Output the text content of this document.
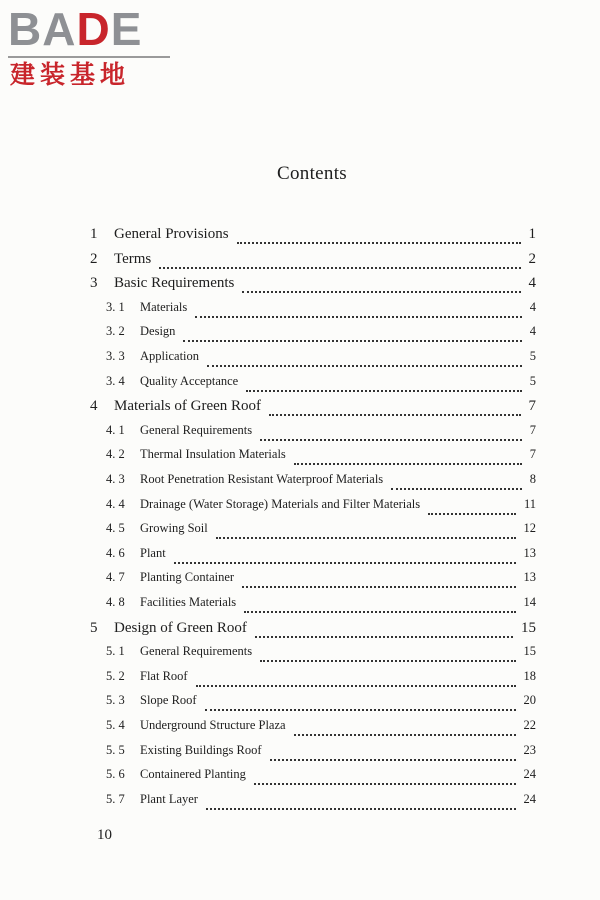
BADE
建装基地
Contents
1 General Provisions	1
2 Terms	2
3 Basic Requirements	4
3. 1 Materials	4
3. 2 Design	4
3. 3 Application	5
3. 4 Quality Acceptance	5
4 Materials of Green Roof	7
4. 1 General Requirements	7
4. 2 Thermal Insulation Materials	7
4. 3 Root Penetration Resistant Waterproof Materials	8
4. 4 Drainage (Water Storage) Materials and Filter Materials	11
4. 5 Growing Soil	12
4. 6 Plant	13
4. 7 Planting Container	13
4. 8 Facilities Materials	14
5 Design of Green Roof	15
5. 1 General Requirements	15
5. 2 Flat Roof	18
5. 3 Slope Roof	20
5. 4 Underground Structure Plaza	22
5. 5 Existing Buildings Roof	23
5. 6 Containered Planting	24
5. 7 Plant Layer	24
10
